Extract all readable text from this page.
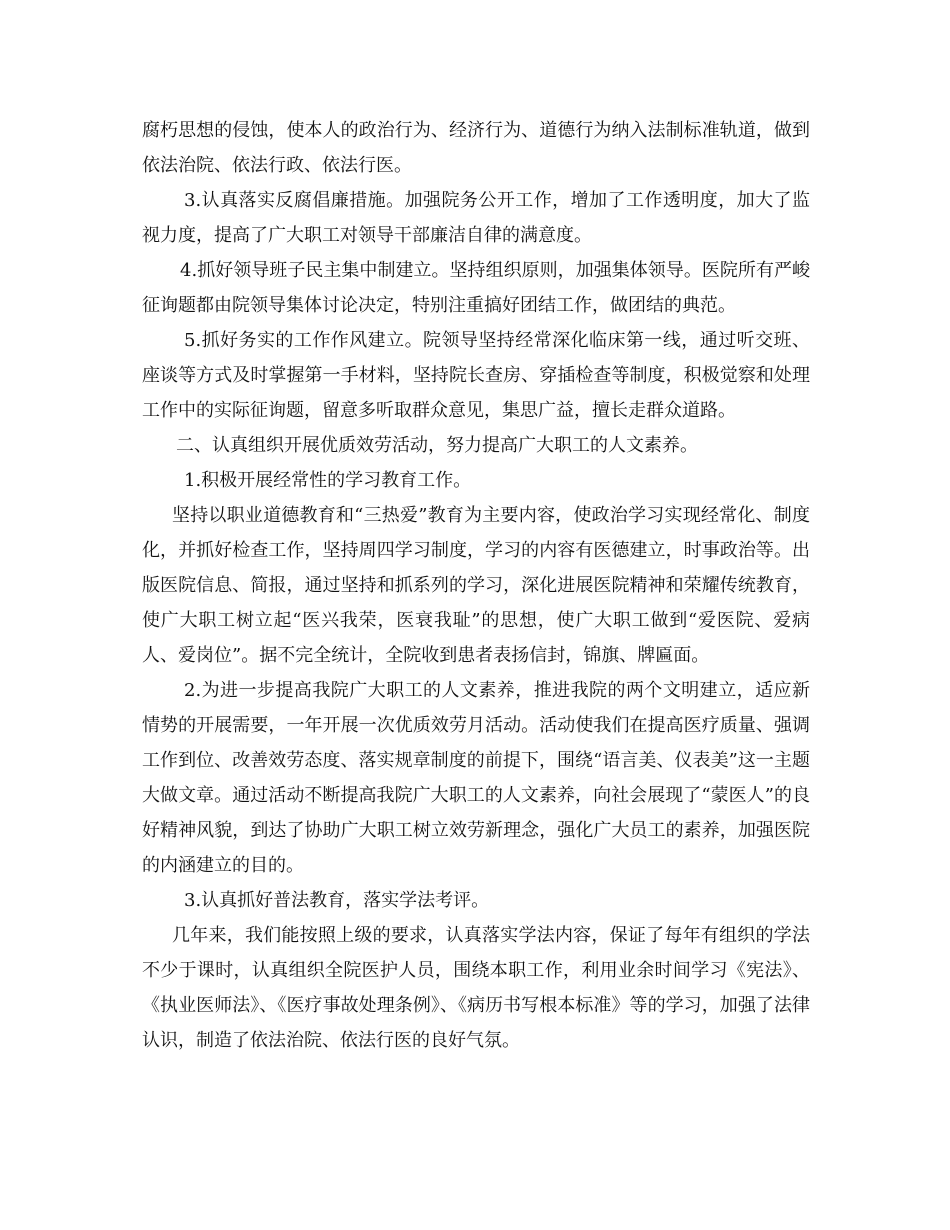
腐朽思想的侵蚀，使本人的政治行为、经济行为、道德行为纳入法制标准轨道，做到依法治院、依法行政、依法行医。

3.认真落实反腐倡廉措施。加强院务公开工作，增加了工作透明度，加大了监视力度，提高了广大职工对领导干部廉洁自律的满意度。

4.抓好领导班子民主集中制建立。坚持组织原则，加强集体领导。医院所有严峻征询题都由院领导集体讨论决定，特别注重搞好团结工作，做团结的典范。

5.抓好务实的工作作风建立。院领导坚持经常深化临床第一线，通过听交班、座谈等方式及时掌握第一手材料，坚持院长查房、穿插检查等制度，积极觉察和处理工作中的实际征询题，留意多听取群众意见，集思广益，擅长走群众道路。

二、认真组织开展优质效劳活动，努力提高广大职工的人文素养。

1.积极开展经常性的学习教育工作。

坚持以职业道德教育和“三热爱”教育为主要内容，使政治学习实现经常化、制度化，并抓好检查工作，坚持周四学习制度，学习的内容有医德建立，时事政治等。出版医院信息、简报，通过坚持和抓系列的学习，深化进展医院精神和荣耀传统教育，使广大职工树立起“医兴我荣，医衰我耻”的思想，使广大职工做到“爱医院、爱病人、爱岗位”。据不完全统计，全院收到患者表扬信封，锦旗、牌匾面。

2.为进一步提高我院广大职工的人文素养，推进我院的两个文明建立，适应新情势的开展需要，一年开展一次优质效劳月活动。活动使我们在提高医疗质量、强调工作到位、改善效劳态度、落实规章制度的前提下，围绕“语言美、仪表美”这一主题大做文章。通过活动不断提高我院广大职工的人文素养，向社会展现了“蒙医人”的良好精神风貌，到达了协助广大职工树立效劳新理念，强化广大员工的素养，加强医院的内涵建立的目的。

3.认真抓好普法教育，落实学法考评。

几年来，我们能按照上级的要求，认真落实学法内容，保证了每年有组织的学法不少于课时，认真组织全院医护人员，围绕本职工作，利用业余时间学习《宪法》、《执业医师法》、《医疗事故处理条例》、《病历书写根本标准》等的学习，加强了法律认识，制造了依法治院、依法行医的良好气氛。
